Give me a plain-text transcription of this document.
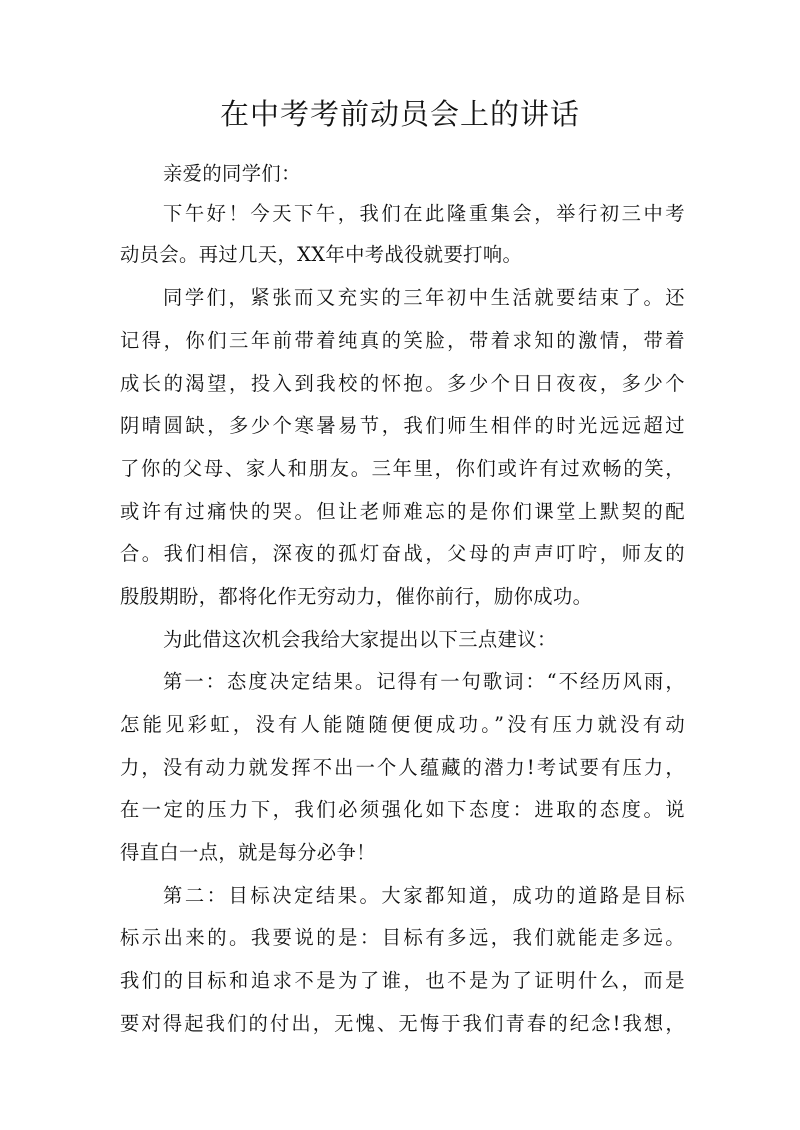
在中考考前动员会上的讲话
亲爱的同学们：
下午好！今天下午，我们在此隆重集会，举行初三中考
动员会。再过几天，XX年中考战役就要打响。
同学们，紧张而又充实的三年初中生活就要结束了。还
记得，你们三年前带着纯真的笑脸，带着求知的激情，带着
成长的渴望，投入到我校的怀抱。多少个日日夜夜，多少个
阴晴圆缺，多少个寒暑易节，我们师生相伴的时光远远超过
了你的父母、家人和朋友。三年里，你们或许有过欢畅的笑，
或许有过痛快的哭。但让老师难忘的是你们课堂上默契的配
合。我们相信，深夜的孤灯奋战，父母的声声叮咛，师友的
殷殷期盼，都将化作无穷动力，催你前行，励你成功。
为此借这次机会我给大家提出以下三点建议：
第一：态度决定结果。记得有一句歌词：“不经历风雨，
怎能见彩虹，没有人能随随便便成功。”没有压力就没有动
力，没有动力就发挥不出一个人蕴藏的潜力!考试要有压力，
在一定的压力下，我们必须强化如下态度：进取的态度。说
得直白一点，就是每分必争！
第二：目标决定结果。大家都知道，成功的道路是目标
标示出来的。我要说的是：目标有多远，我们就能走多远。
我们的目标和追求不是为了谁，也不是为了证明什么，而是
要对得起我们的付出，无愧、无悔于我们青春的纪念!我想，
